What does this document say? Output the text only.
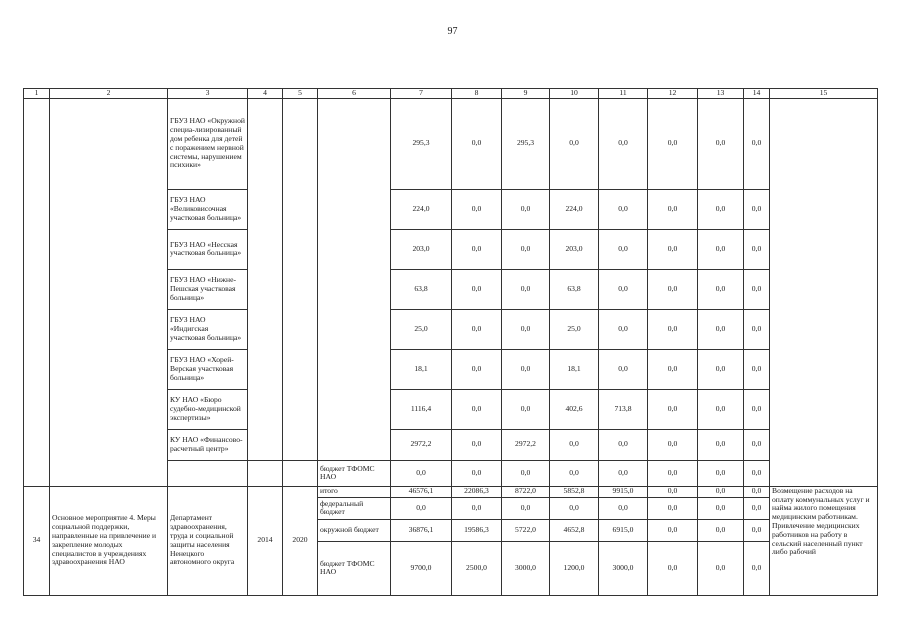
97
1	2	3	4	5	6	7	8	9	10	11	12	13	14	15
		ГБУЗ НАО «Окружной специа-лизированный дом ребенка для детей с поражением нервной системы, нарушением психики»				295,3	0,0	295,3	0,0	0,0	0,0	0,0	0,0	
		ГБУЗ НАО «Великовисочная участковая больница»				224,0	0,0	0,0	224,0	0,0	0,0	0,0	0,0	
		ГБУЗ НАО «Несская участковая больница»				203,0	0,0	0,0	203,0	0,0	0,0	0,0	0,0	
		ГБУЗ НАО «Нижне-Пешская участковая больница»				63,8	0,0	0,0	63,8	0,0	0,0	0,0	0,0	
		ГБУЗ НАО «Индигская участковая больница»				25,0	0,0	0,0	25,0	0,0	0,0	0,0	0,0	
		ГБУЗ НАО «Хорей-Верская участковая больница»				18,1	0,0	0,0	18,1	0,0	0,0	0,0	0,0	
		КУ НАО «Бюро судебно-медицинской экспертизы»				1116,4	0,0	0,0	402,6	713,8	0,0	0,0	0,0	
		КУ НАО «Финансово-расчетный центр»				2972,2	0,0	2972,2	0,0	0,0	0,0	0,0	0,0	
					бюджет ТФОМС НАО	0,0	0,0	0,0	0,0	0,0	0,0	0,0	0,0	
34	Основное мероприятие 4. Меры социальной поддержки, направленные на привлечение и закрепление молодых специалистов в учреждениях здравоохранения НАО	Департамент здравоохранения, труда и социальной защиты населения Ненецкого автономного округа	2014	2020	итого	46576,1	22086,3	8722,0	5852,8	9915,0	0,0	0,0	0,0	Возмещение расходов на оплату коммунальных услуг и найма жилого помещения медицинским работникам. Привлечение медицинских работников на работу в сельский населенный пункт либо рабочий
					федеральный бюджет	0,0	0,0	0,0	0,0	0,0	0,0	0,0	0,0	
					окружной бюджет	36876,1	19586,3	5722,0	4652,8	6915,0	0,0	0,0	0,0	
					бюджет ТФОМС НАО	9700,0	2500,0	3000,0	1200,0	3000,0	0,0	0,0	0,0	
